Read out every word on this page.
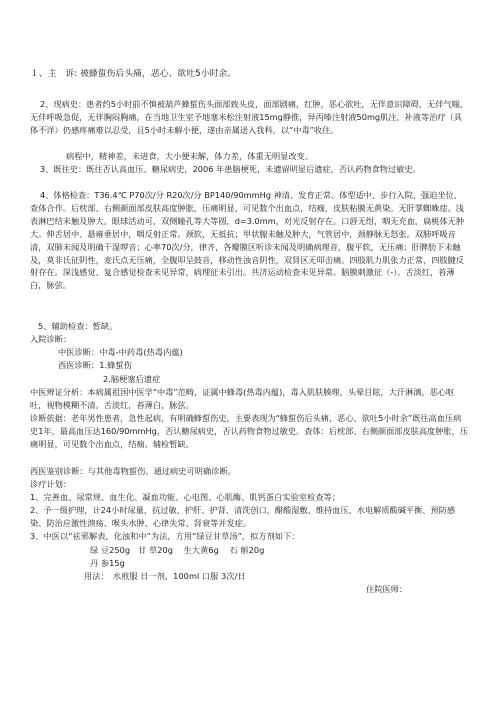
１、主　诉: 被蜂蜇伤后头痛，恶心、欲吐5小时余。
2、现病史：患者约5小时前不慎被葫芦蜂蜇伤头面部致头皮，面部剧痛，红肿，恶心欲吐，无伴意识障碍，无伴气喘，无伴呼吸急促，无伴胸闷胸痛，在当地卫生室予地塞米松注射液15mg静推，异丙嗪注射液50mg肌注，补液等治疗（具体不详）仍感疼痛难以忍受，且5小时未解小便，遂由亲属送入我科，以“中毒”收住。
病程中，精神差，未进食，大小便未解，体力差，体重无明显改变。
3、既往史：既往否认高血压、糖尿病史，2006 年患脑梗死，未遗留明显后遗症，否认药物食物过敏史。
4、体格检查：T36.4℃ P70次/分 R20次/分 BP140/90mmHg 神清、发育正常、体型适中、步行入院、强迫坐位、查体合作。后枕部、右侧颜面部皮肤高度肿胀，压痛明显，可见数个出血点，结痂，皮肤粘膜无黄染。无肝掌蜘蛛痣。浅表淋巴结未触及肿大。眼球活动可，双侧瞳孔等大等圆，d=3.0mm，对光反射存在。口唇无绀，咽无充血，扁桃体无肿大。伸舌居中、悬雍垂居中，咽反射正常。颈软，无抵抗；甲状腺未触及肿大，气管居中，颈静脉无怒张。双肺呼吸音清，双肺未闻及明确干湿啰音；心率70次/分，律齐，各瓣膜区听诊未闻及明确病理音，腹平软，无压痛；肝脾肋下未触及，莫非氏征阴性，麦氏点无压痛，全腹叩呈鼓音，移动性浊音阴性，双肾区无叩击痛。四肢肌力肌张力正常，四肢腱反射存在。深浅感觉、复合感觉检查未见异常，病理征未引出。共济运动检查未见异常。脑膜刺激征（-）。舌淡红，苔薄白，脉弦。
5、辅助检查：暂缺。
入院诊断：
中医诊断：中毒-中药毒(热毒内蕴)
西医诊断：1.蜂蜇伤
2.脑梗塞后遗症
中医辨证分析：本病属祖国中医学“中毒”范畴，证属中蜂毒(热毒内蕴)，毒入肌肤腠理，头晕目眩，大汗淋漓，恶心呕吐，视物模糊不清。舌淡红，苔薄白，脉弦。
诊断依据：老年男性患者，急性起病，有明确蜂蜇伤史，主要表现为“蜂蜇伤后头痛，恶心、欲吐5小时余”既往高血压病史1年，最高血压达160/90mmHg，否认糖尿病史，否认药物食物过敏史。查体：后枕部、右侧颜面部皮肤高度肿胀，压痛明显，可见数个出血点，结痂。辅检暂缺。
西医鉴别诊断：与其他毒物蜇伤。通过病史可明确诊断。
诊疗计划：
1、完善血、尿常规、血生化、凝血功能、心电图、心肌酶、肌钙蛋白实验室检查等；
2、予一级护理，计24小时尿量，抗过敏、护肝、护肾、清洗创口，醋酸湿敷、维持血压、水电解质酸碱平衡、预防感染、防治应激性溃疡、喉头水肿、心律失常、肾衰等并发症。
3、中医以“祛邪解表，化浊和中”为法，方用“绿豆甘草汤”，拟方剂如下：
绿 豆250g   甘 草20g    生大黄6g    石 斛20g
丹 参15g
用法：　水煎服 日一剂，100ml 口服 3次/日
住院医师：
